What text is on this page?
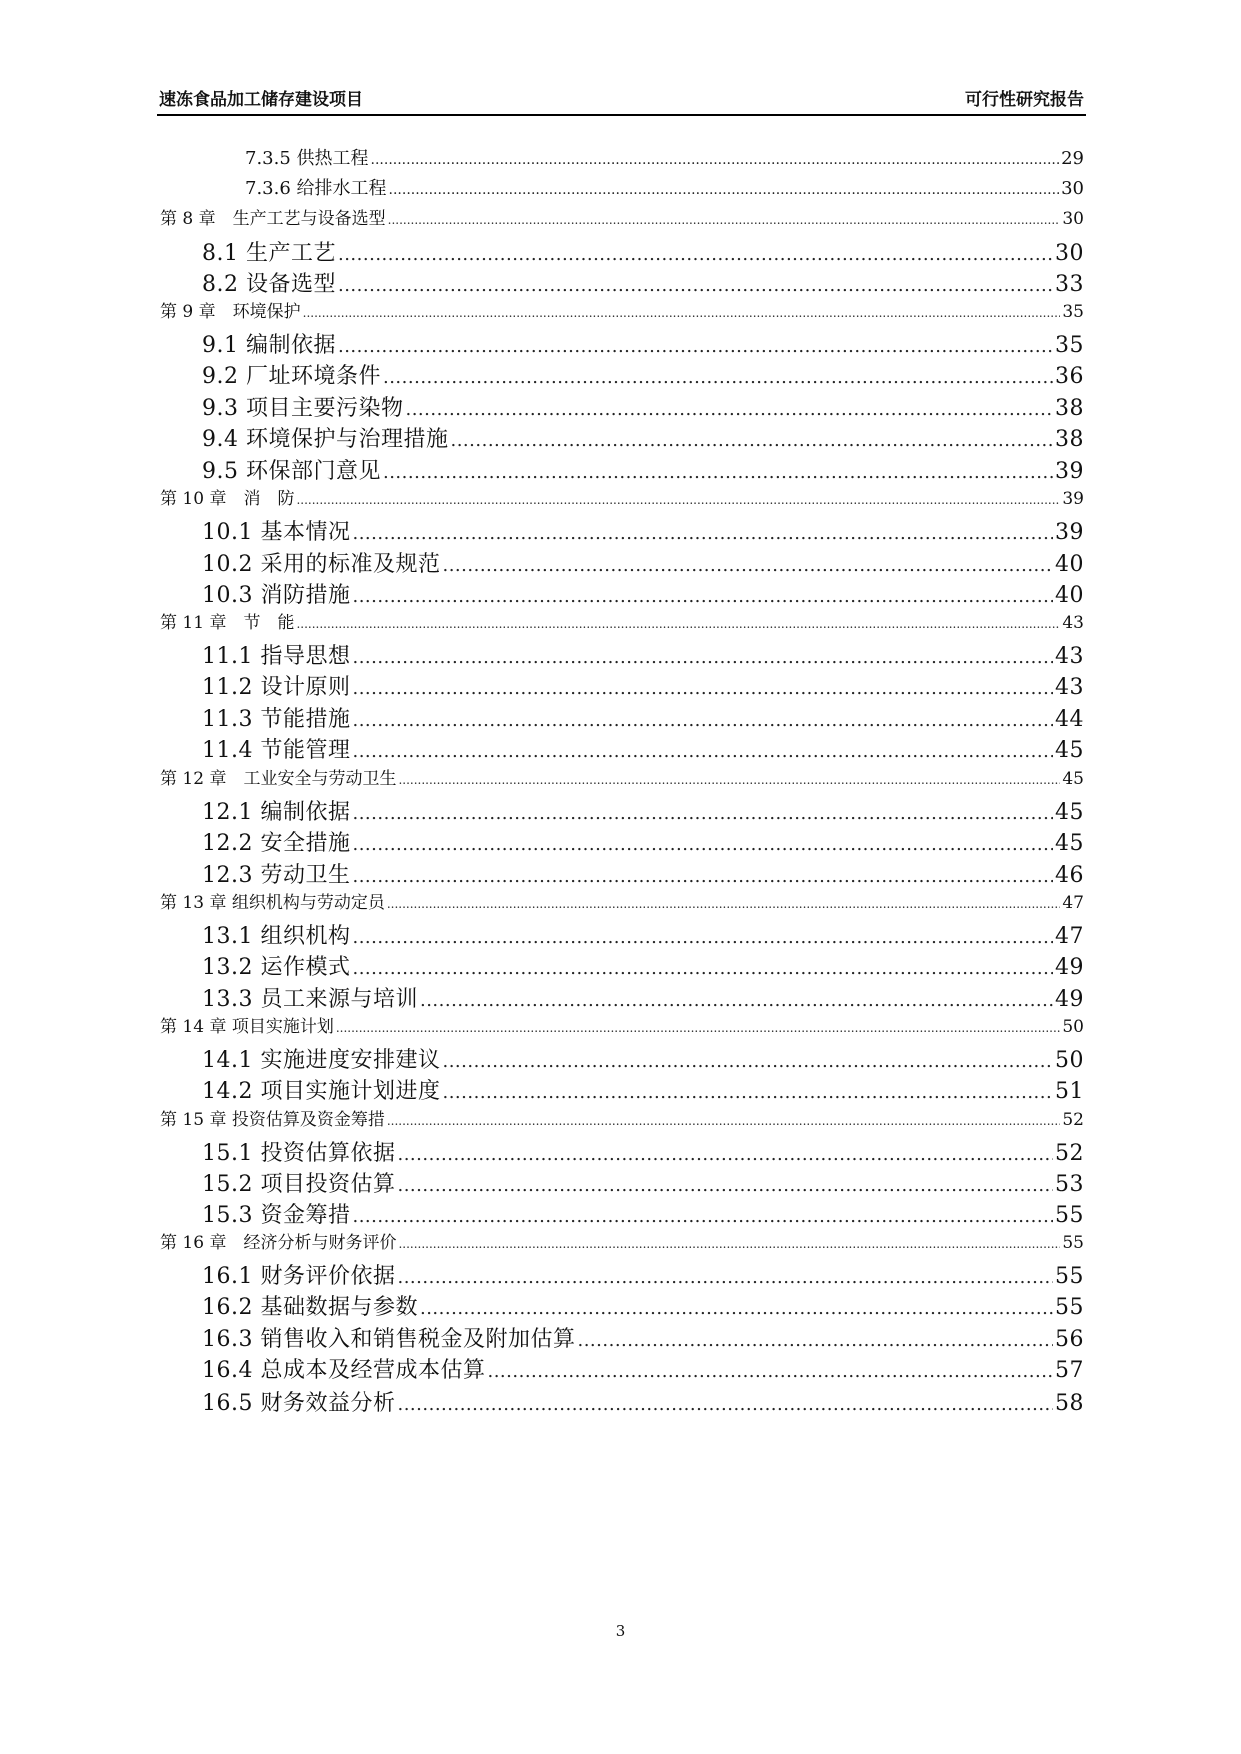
速冻食品加工储存建设项目	可行性研究报告
7.3.5 供热工程 .....	29
7.3.6 给排水工程 .....	30
第 8 章　生产工艺与设备选型 .....	30
8.1 生产工艺 .....	30
8.2 设备选型 .....	33
第 9 章　环境保护 .....	35
9.1 编制依据 .....	35
9.2 厂址环境条件 .....	36
9.3 项目主要污染物 .....	38
9.4 环境保护与治理措施 .....	38
9.5 环保部门意见 .....	39
第 10 章　消　防 .....	39
10.1 基本情况 .....	39
10.2 采用的标准及规范 .....	40
10.3 消防措施 .....	40
第 11 章　节　能 .....	43
11.1 指导思想 .....	43
11.2 设计原则 .....	43
11.3 节能措施 .....	44
11.4 节能管理 .....	45
第 12 章　工业安全与劳动卫生 .....	45
12.1 编制依据 .....	45
12.2 安全措施 .....	45
12.3 劳动卫生 .....	46
第 13 章 组织机构与劳动定员 .....	47
13.1 组织机构 .....	47
13.2 运作模式 .....	49
13.3 员工来源与培训 .....	49
第 14 章 项目实施计划 .....	50
14.1 实施进度安排建议 .....	50
14.2 项目实施计划进度 .....	51
第 15 章 投资估算及资金筹措 .....	52
15.1 投资估算依据 .....	52
15.2 项目投资估算 .....	53
15.3 资金筹措 .....	55
第 16 章　经济分析与财务评价 .....	55
16.1 财务评价依据 .....	55
16.2 基础数据与参数 .....	55
16.3 销售收入和销售税金及附加估算 .....	56
16.4 总成本及经营成本估算 .....	57
16.5 财务效益分析 .....	58
3
